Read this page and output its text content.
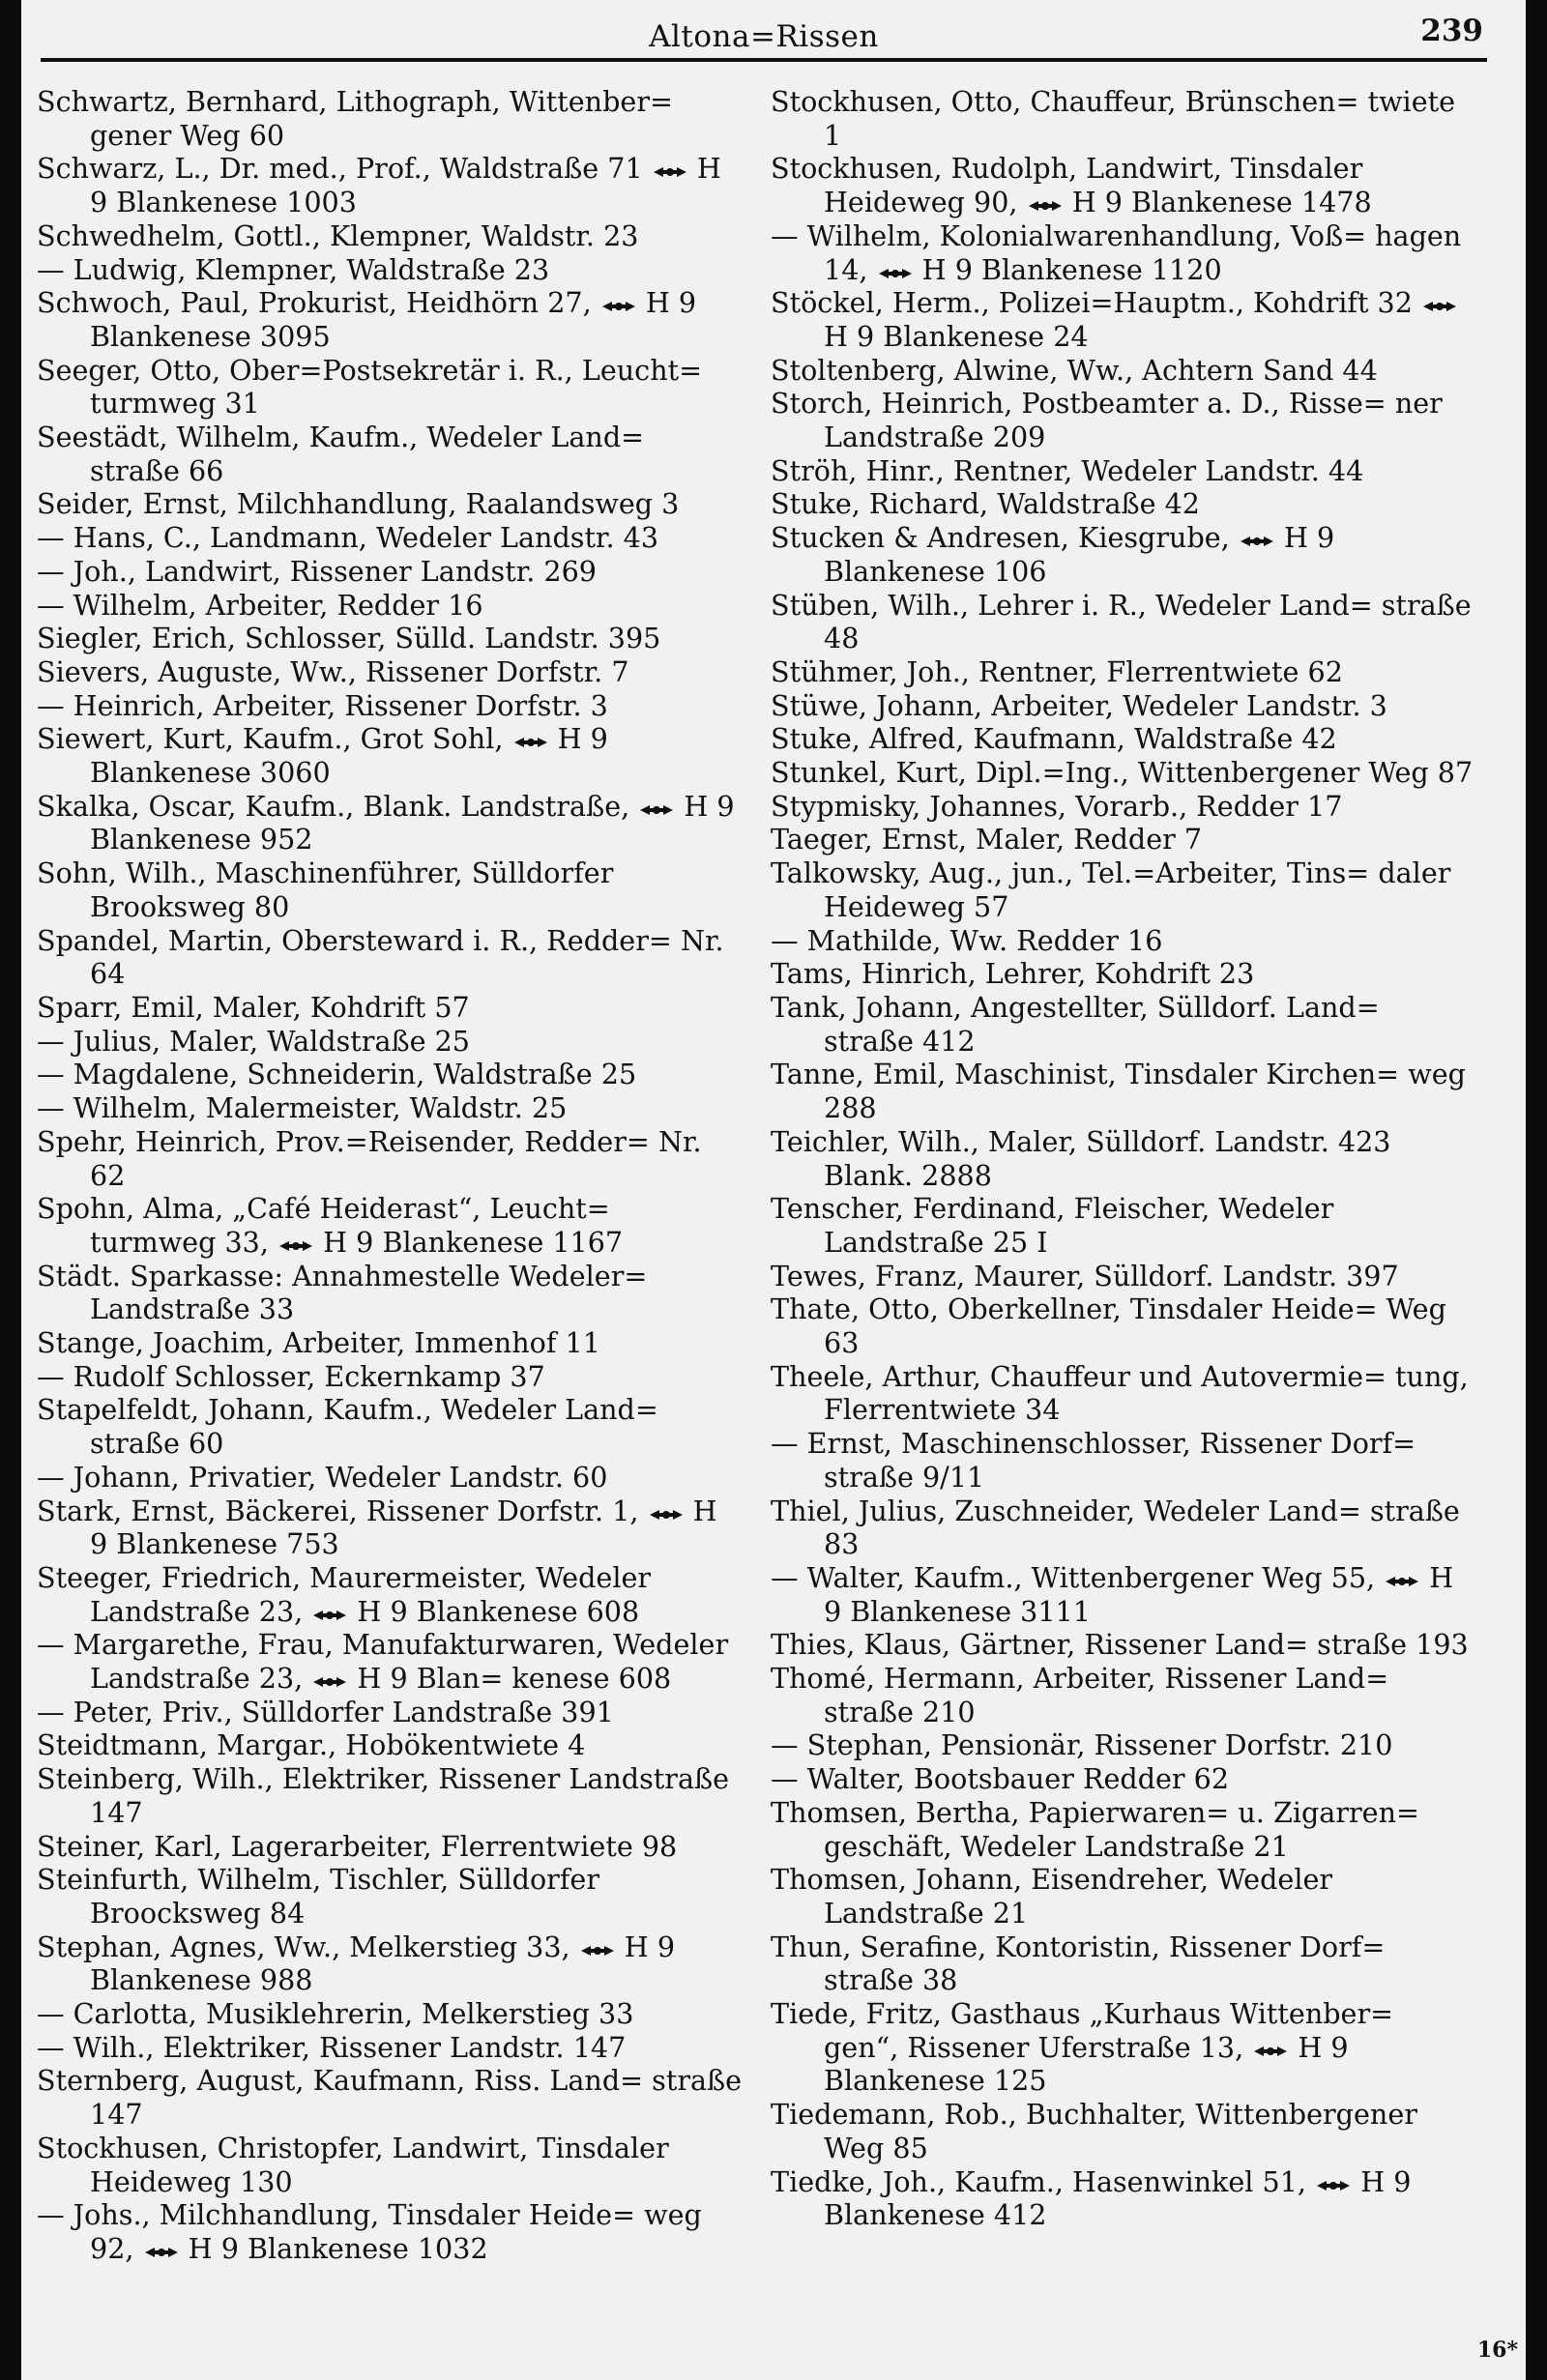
Altona=Rissen	239
Schwartz, Bernhard, Lithograph, Wittenber= gener Weg 60
Schwarz, L., Dr. med., Prof., Waldstraße 71 H 9 Blankenese 1003
Schwedhelm, Gottl., Klempner, Waldstr. 23
— Ludwig, Klempner, Waldstraße 23
Schwoch, Paul, Prokurist, Heidhörn 27, H 9 Blankenese 3095
Seeger, Otto, Ober=Postsekretär i. R., Leucht= turmweg 31
Seestädt, Wilhelm, Kaufm., Wedeler Land= straße 66
Seider, Ernst, Milchhandlung, Raalandsweg 3
— Hans, C., Landmann, Wedeler Landstr. 43
— Joh., Landwirt, Rissener Landstr. 269
— Wilhelm, Arbeiter, Redder 16
Siegler, Erich, Schlosser, Sülld. Landstr. 395
Sievers, Auguste, Ww., Rissener Dorfstr. 7
— Heinrich, Arbeiter, Rissener Dorfstr. 3
Siewert, Kurt, Kaufm., Grot Sohl, H 9 Blankenese 3060
Skalka, Oscar, Kaufm., Blank. Landstraße, H 9 Blankenese 952
Sohn, Wilh., Maschinenführer, Sülldorfer Brooksweg 80
Spandel, Martin, Obersteward i. R., Redder= Nr. 64
Sparr, Emil, Maler, Kohdrift 57
— Julius, Maler, Waldstraße 25
— Magdalene, Schneiderin, Waldstraße 25
— Wilhelm, Malermeister, Waldstr. 25
Spehr, Heinrich, Prov.=Reisender, Redder= Nr. 62
Spohn, Alma, „Café Heiderast“, Leucht= turmweg 33, H 9 Blankenese 1167
Städt. Sparkasse: Annahmestelle Wedeler= Landstraße 33
Stange, Joachim, Arbeiter, Immenhof 11
— Rudolf Schlosser, Eckernkamp 37
Stapelfeldt, Johann, Kaufm., Wedeler Land= straße 60
— Johann, Privatier, Wedeler Landstr. 60
Stark, Ernst, Bäckerei, Rissener Dorfstr. 1, H 9 Blankenese 753
Steeger, Friedrich, Maurermeister, Wedeler Landstraße 23, H 9 Blankenese 608
— Margarethe, Frau, Manufakturwaren, Wedeler Landstraße 23, H 9 Blan= kenese 608
— Peter, Priv., Sülldorfer Landstraße 391
Steidtmann, Margar., Hobökentwiete 4
Steinberg, Wilh., Elektriker, Rissener Landstraße 147
Steiner, Karl, Lagerarbeiter, Flerrentwiete 98
Steinfurth, Wilhelm, Tischler, Sülldorfer Broocksweg 84
Stephan, Agnes, Ww., Melkerstieg 33, H 9 Blankenese 988
— Carlotta, Musiklehrerin, Melkerstieg 33
— Wilh., Elektriker, Rissener Landstr. 147
Sternberg, August, Kaufmann, Riss. Land= straße 147
Stockhusen, Christopfer, Landwirt, Tinsdaler Heideweg 130
— Johs., Milchhandlung, Tinsdaler Heide= weg 92, H 9 Blankenese 1032
Stockhusen, Otto, Chauffeur, Brünschen= twiete 1
Stockhusen, Rudolph, Landwirt, Tinsdaler Heideweg 90, H 9 Blankenese 1478
— Wilhelm, Kolonialwarenhandlung, Voß= hagen 14, H 9 Blankenese 1120
Stöckel, Herm., Polizei=Hauptm., Kohdrift 32  H 9 Blankenese 24
Stoltenberg, Alwine, Ww., Achtern Sand 44
Storch, Heinrich, Postbeamter a. D., Risse= ner Landstraße 209
Ströh, Hinr., Rentner, Wedeler Landstr. 44
Stuke, Richard, Waldstraße 42
Stucken & Andresen, Kiesgrube, H 9 Blankenese 106
Stüben, Wilh., Lehrer i. R., Wedeler Land= straße 48
Stühmer, Joh., Rentner, Flerrentwiete 62
Stüwe, Johann, Arbeiter, Wedeler Landstr. 3
Stuke, Alfred, Kaufmann, Waldstraße 42
Stunkel, Kurt, Dipl.=Ing., Wittenbergener Weg 87
Stypmisky, Johannes, Vorarb., Redder 17
Taeger, Ernst, Maler, Redder 7
Talkowsky, Aug., jun., Tel.=Arbeiter, Tins= daler Heideweg 57
— Mathilde, Ww. Redder 16
Tams, Hinrich, Lehrer, Kohdrift 23
Tank, Johann, Angestellter, Sülldorf. Land= straße 412
Tanne, Emil, Maschinist, Tinsdaler Kirchen= weg 288
Teichler, Wilh., Maler, Sülldorf. Landstr. 423 Blank. 2888
Tenscher, Ferdinand, Fleischer, Wedeler Landstraße 25 I
Tewes, Franz, Maurer, Sülldorf. Landstr. 397
Thate, Otto, Oberkellner, Tinsdaler Heide= Weg 63
Theele, Arthur, Chauffeur und Autovermie= tung, Flerrentwiete 34
— Ernst, Maschinenschlosser, Rissener Dorf= straße 9/11
Thiel, Julius, Zuschneider, Wedeler Land= straße 83
— Walter, Kaufm., Wittenbergener Weg 55, H 9 Blankenese 3111
Thies, Klaus, Gärtner, Rissener Land= straße 193
Thomé, Hermann, Arbeiter, Rissener Land= straße 210
— Stephan, Pensionär, Rissener Dorfstr. 210
— Walter, Bootsbauer Redder 62
Thomsen, Bertha, Papierwaren= u. Zigarren= geschäft, Wedeler Landstraße 21
Thomsen, Johann, Eisendreher, Wedeler Landstraße 21
Thun, Serafine, Kontoristin, Rissener Dorf= straße 38
Tiede, Fritz, Gasthaus „Kurhaus Wittenber= gen“, Rissener Uferstraße 13, H 9 Blankenese 125
Tiedemann, Rob., Buchhalter, Wittenbergener Weg 85
Tiedke, Joh., Kaufm., Hasenwinkel 51, H 9 Blankenese 412
16*
